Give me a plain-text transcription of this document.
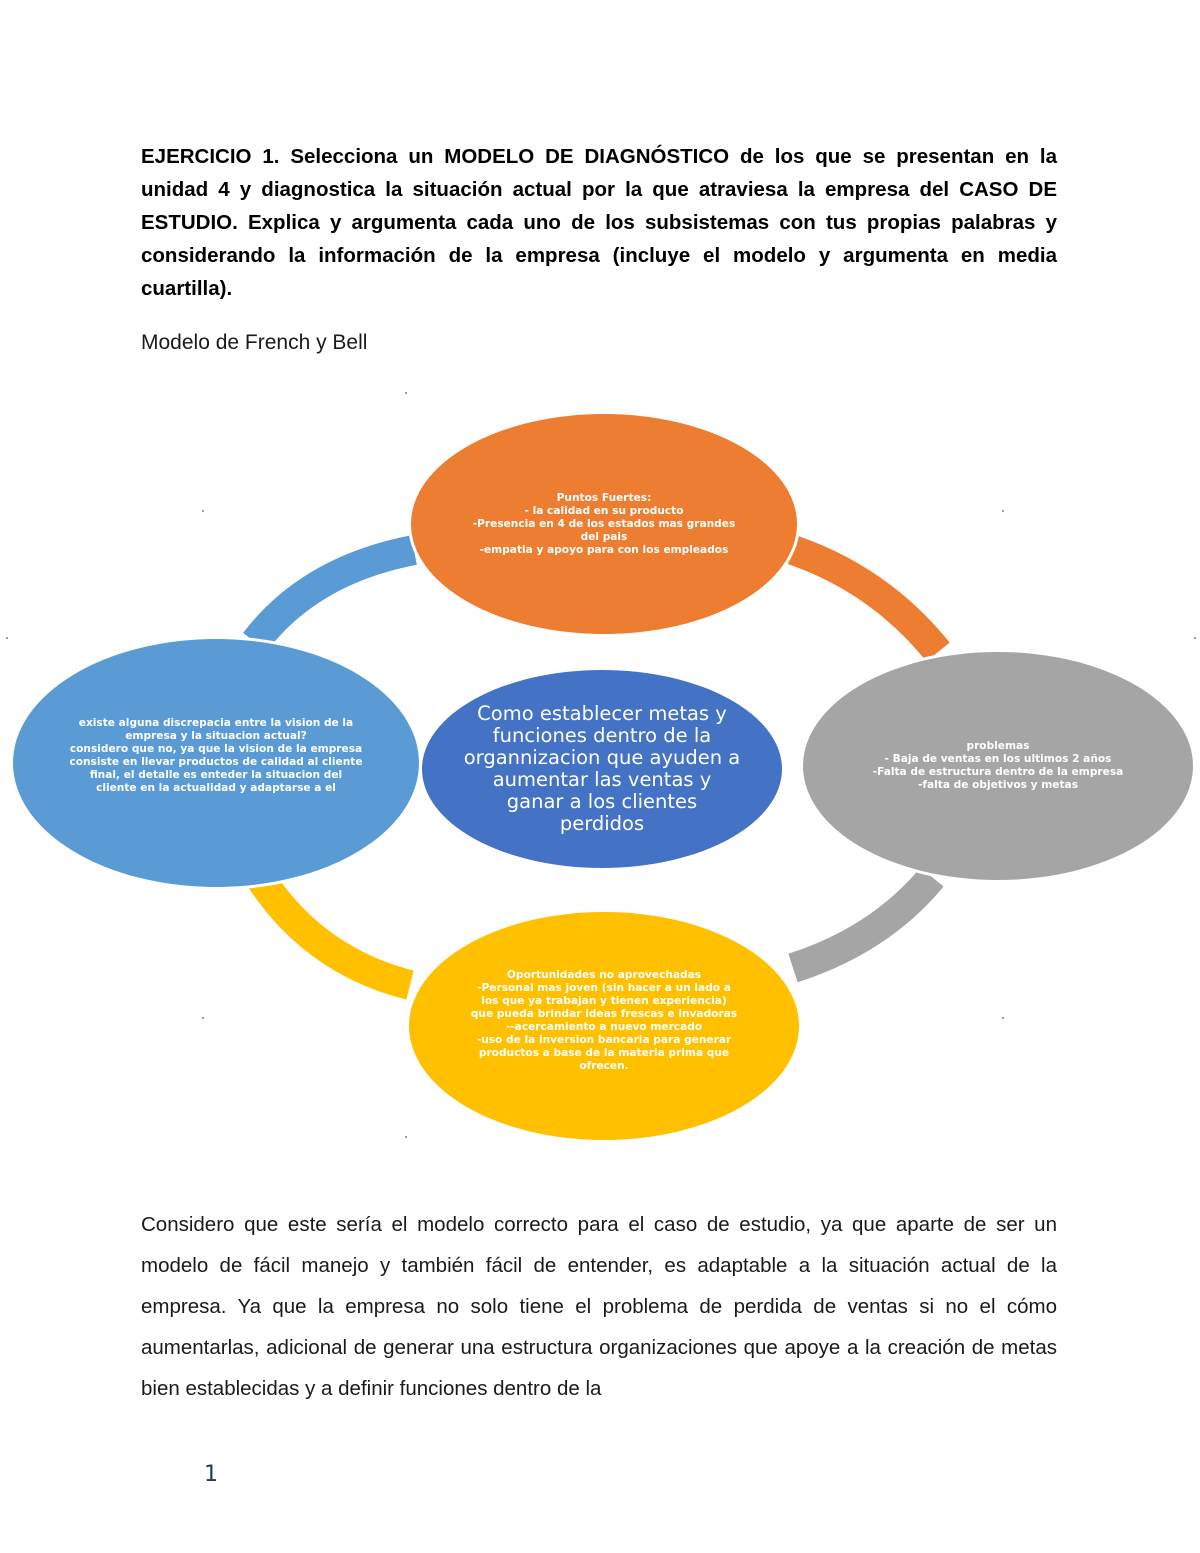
EJERCICIO 1. Selecciona un MODELO DE DIAGNÓSTICO de los que se presentan en la unidad 4 y diagnostica la situación actual por la que atraviesa la empresa del CASO DE ESTUDIO. Explica y argumenta cada uno de los subsistemas con tus propias palabras y considerando la información de la empresa (incluye el modelo y argumenta en media cuartilla).

Modelo de French y Bell

Puntos Fuertes:
- la calidad en su producto
-Presencia en 4 de los estados mas grandes del pais
-empatia y apoyo para con los empleados
existe alguna discrepacia entre la vision de la empresa y la situacion actual?
considero que no, ya que la vision de la empresa consiste en llevar productos de calidad al cliente final, el detalle es enteder la situacion del cliente en la actualidad y adaptarse a el
problemas
- Baja de ventas en los ultimos 2 años
-Falta de estructura dentro de la empresa
-falta de objetivos y metas
Oportunidades no aprovechadas
-Personal mas joven (sin hacer a un lado a los que ya trabajan y tienen experiencia) que pueda brindar ideas frescas e invadoras
--acercamiento a nuevo mercado
-uso de la inversion bancaria para generar productos a base de la materia prima que ofrecen.
Como establecer metas y funciones dentro de la organnizacion que ayuden a aumentar las ventas y ganar a los clientes perdidos

Considero que este sería el modelo correcto para el caso de estudio, ya que aparte de ser un modelo de fácil manejo y también fácil de entender, es adaptable a la situación actual de la empresa. Ya que la empresa no solo tiene el problema de perdida de ventas si no el cómo aumentarlas, adicional de generar una estructura organizaciones que apoye a la creación de metas bien establecidas y a definir funciones dentro de la

1
